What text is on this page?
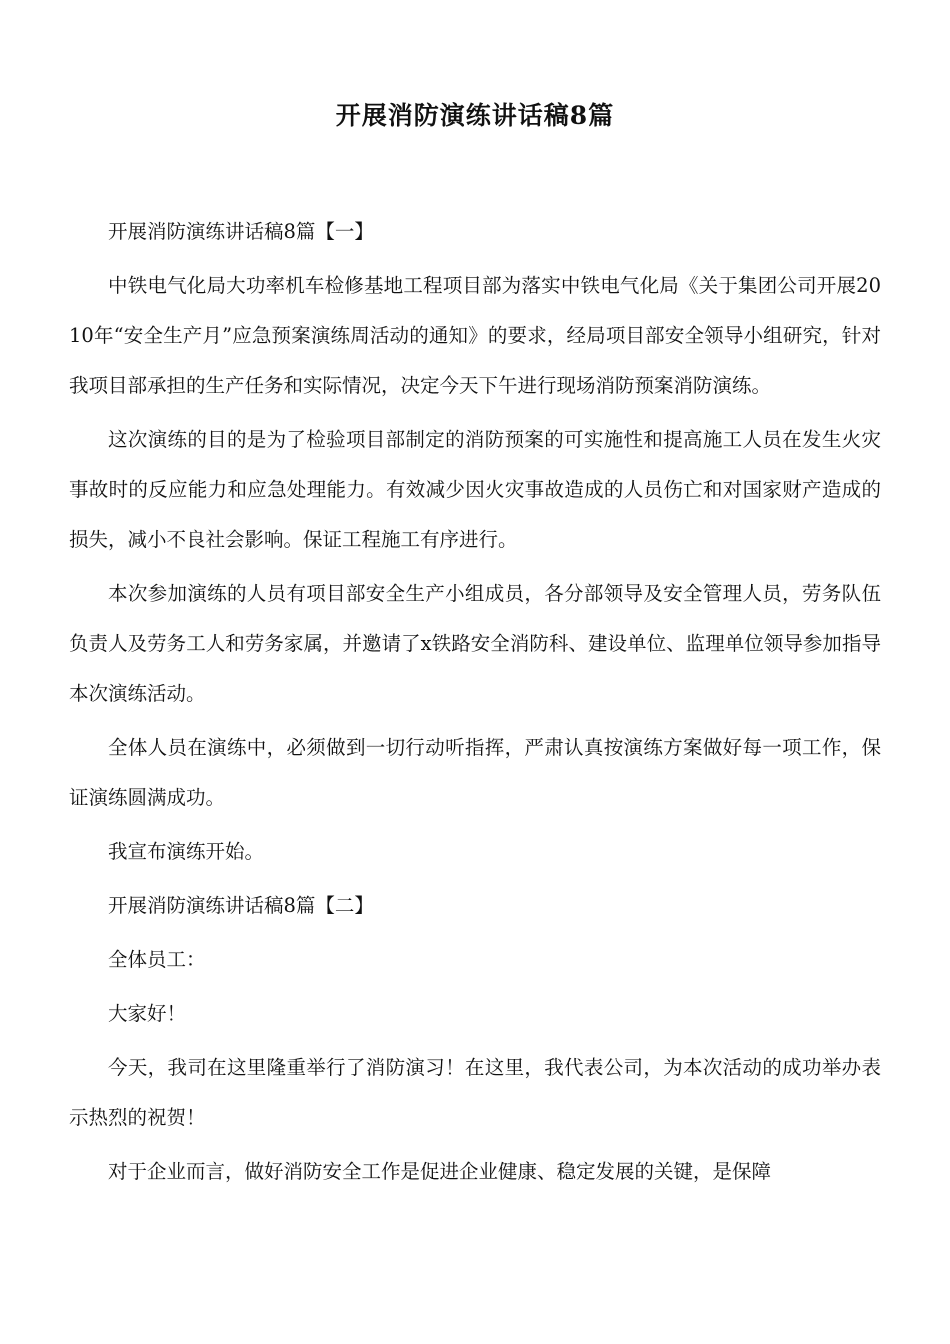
开展消防演练讲话稿8篇

开展消防演练讲话稿8篇【一】

中铁电气化局大功率机车检修基地工程项目部为落实中铁电气化局《关于集团公司开展2010年“安全生产月”应急预案演练周活动的通知》的要求，经局项目部安全领导小组研究，针对我项目部承担的生产任务和实际情况，决定今天下午进行现场消防预案消防演练。

这次演练的目的是为了检验项目部制定的消防预案的可实施性和提高施工人员在发生火灾事故时的反应能力和应急处理能力。有效减少因火灾事故造成的人员伤亡和对国家财产造成的损失，减小不良社会影响。保证工程施工有序进行。

本次参加演练的人员有项目部安全生产小组成员，各分部领导及安全管理人员，劳务队伍负责人及劳务工人和劳务家属，并邀请了x铁路安全消防科、建设单位、监理单位领导参加指导本次演练活动。

全体人员在演练中，必须做到一切行动听指挥，严肃认真按演练方案做好每一项工作，保证演练圆满成功。

我宣布演练开始。

开展消防演练讲话稿8篇【二】

全体员工：

大家好！

今天，我司在这里隆重举行了消防演习！在这里，我代表公司，为本次活动的成功举办表示热烈的祝贺！

对于企业而言，做好消防安全工作是促进企业健康、稳定发展的关键，是保障
